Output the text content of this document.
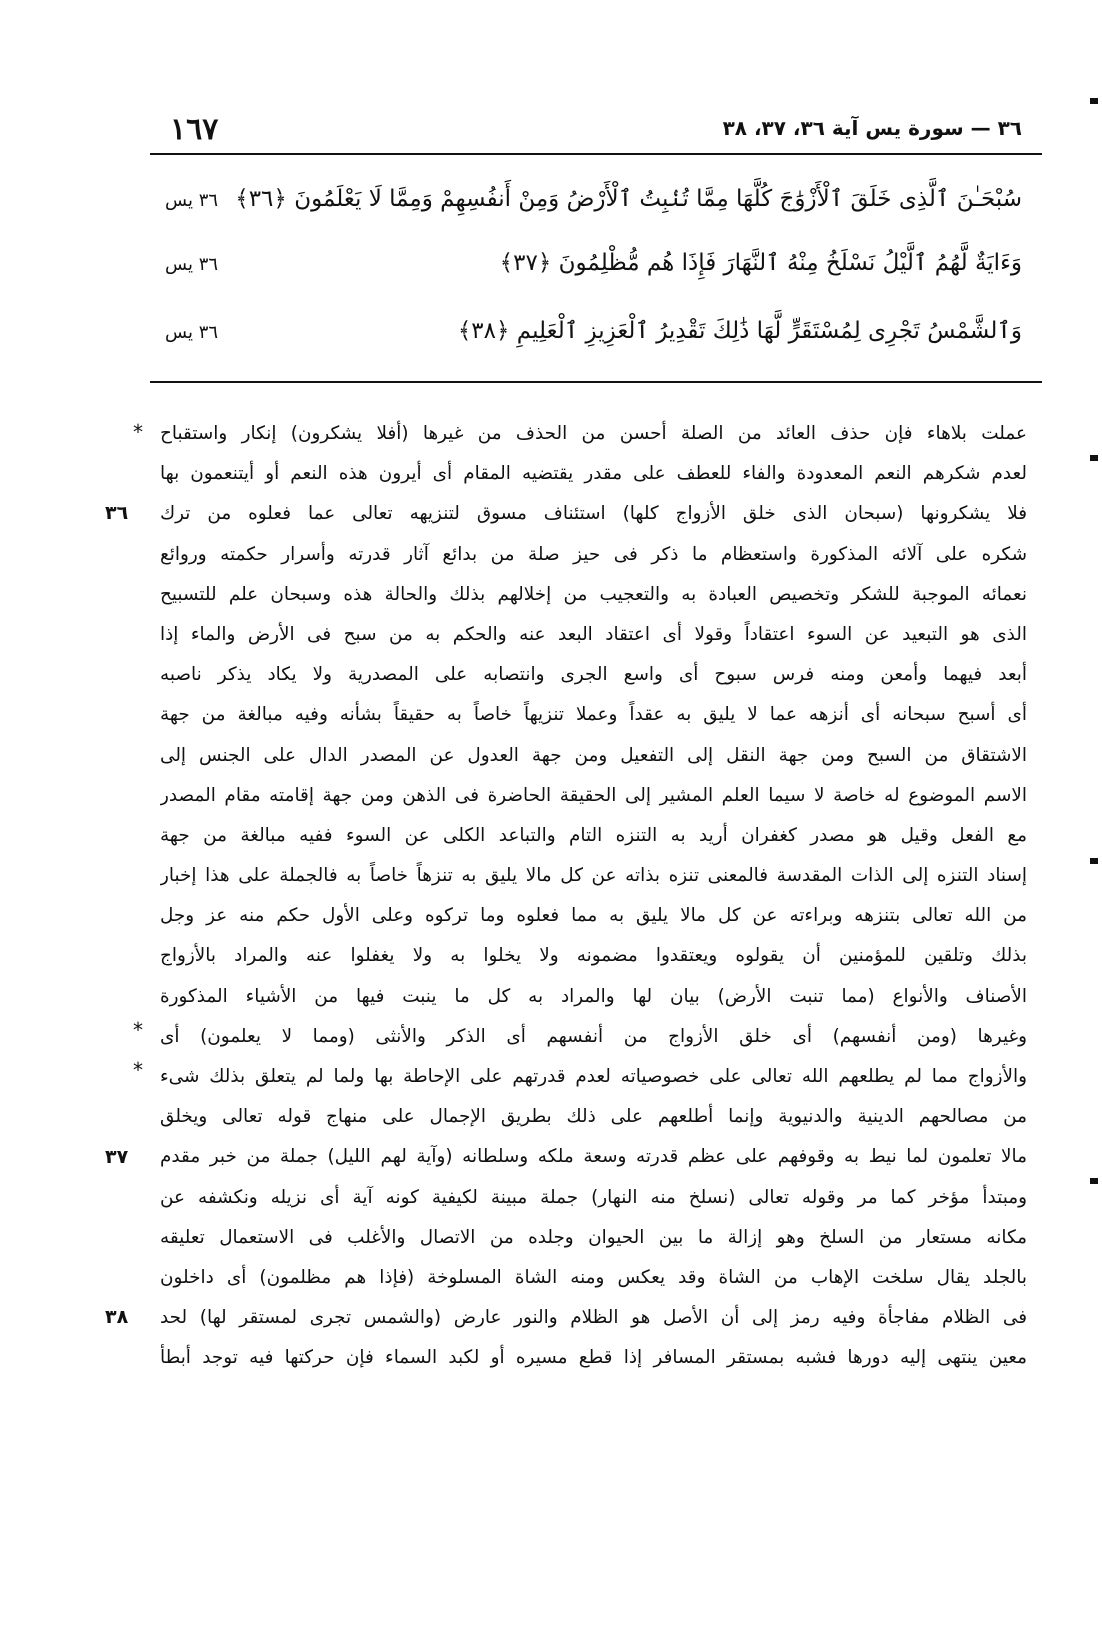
١٦٧	٣٦ — سورة يس آية ٣٦، ٣٧، ٣٨
سُبْحَـٰنَ ٱلَّذِى خَلَقَ ٱلْأَزْوَٰجَ كُلَّهَا مِمَّا تُنۢبِتُ ٱلْأَرْضُ وَمِنْ أَنفُسِهِمْ وَمِمَّا لَا يَعْلَمُونَ ﴿٣٦﴾
٣٦ يس
وَءَايَةٌ لَّهُمُ ٱلَّيْلُ نَسْلَخُ مِنْهُ ٱلنَّهَارَ فَإِذَا هُم مُّظْلِمُونَ ﴿٣٧﴾
٣٦ يس
وَٱلشَّمْسُ تَجْرِى لِمُسْتَقَرٍّ لَّهَا ذَٰلِكَ تَقْدِيرُ ٱلْعَزِيزِ ٱلْعَلِيمِ ﴿٣٨﴾
٣٦ يس
عملت بلاهاء فإن حذف العائد من الصلة أحسن من الحذف من غيرها (أفلا يشكرون) إنكار واستقباح
لعدم شكرهم النعم المعدودة والفاء للعطف على مقدر يقتضيه المقام أى أيرون هذه النعم أو أيتنعمون بها
فلا يشكرونها (سبحان الذى خلق الأزواج كلها) استئناف مسوق لتنزيهه تعالى عما فعلوه من ترك
شكره على آلائه المذكورة واستعظام ما ذكر فى حيز صلة من بدائع آثار قدرته وأسرار حكمته وروائع
نعمائه الموجبة للشكر وتخصيص العبادة به والتعجيب من إخلالهم بذلك والحالة هذه وسبحان علم للتسبيح
الذى هو التبعيد عن السوء اعتقاداً وقولا أى اعتقاد البعد عنه والحكم به من سبح فى الأرض والماء إذا
أبعد فيهما وأمعن ومنه فرس سبوح أى واسع الجرى وانتصابه على المصدرية ولا يكاد يذكر ناصبه
أى أسبح سبحانه أى أنزهه عما لا يليق به عقداً وعملا تنزيهاً خاصاً به حقيقاً بشأنه وفيه مبالغة من جهة
الاشتقاق من السبح ومن جهة النقل إلى التفعيل ومن جهة العدول عن المصدر الدال على الجنس إلى
الاسم الموضوع له خاصة لا سيما العلم المشير إلى الحقيقة الحاضرة فى الذهن ومن جهة إقامته مقام المصدر
مع الفعل وقيل هو مصدر كغفران أريد به التنزه التام والتباعد الكلى عن السوء ففيه مبالغة من جهة
إسناد التنزه إلى الذات المقدسة فالمعنى تنزه بذاته عن كل مالا يليق به تنزهاً خاصاً به فالجملة على هذا إخبار
من الله تعالى بتنزهه وبراءته عن كل مالا يليق به مما فعلوه وما تركوه وعلى الأول حكم منه عز وجل
بذلك وتلقين للمؤمنين أن يقولوه ويعتقدوا مضمونه ولا يخلوا به ولا يغفلوا عنه والمراد بالأزواج
الأصناف والأنواع (مما تنبت الأرض) بيان لها والمراد به كل ما ينبت فيها من الأشياء المذكورة
وغيرها (ومن أنفسهم) أى خلق الأزواج من أنفسهم أى الذكر والأنثى (ومما لا يعلمون) أى
والأزواج مما لم يطلعهم الله تعالى على خصوصياته لعدم قدرتهم على الإحاطة بها ولما لم يتعلق بذلك شىء
من مصالحهم الدينية والدنيوية وإنما أطلعهم على ذلك بطريق الإجمال على منهاج قوله تعالى ويخلق
مالا تعلمون لما نيط به وقوفهم على عظم قدرته وسعة ملكه وسلطانه (وآية لهم الليل) جملة من خبر مقدم
ومبتدأ مؤخر كما مر وقوله تعالى (نسلخ منه النهار) جملة مبينة لكيفية كونه آية أى نزيله ونكشفه عن
مكانه مستعار من السلخ وهو إزالة ما بين الحيوان وجلده من الاتصال والأغلب فى الاستعمال تعليقه
بالجلد يقال سلخت الإهاب من الشاة وقد يعكس ومنه الشاة المسلوخة (فإذا هم مظلمون) أى داخلون
فى الظلام مفاجأة وفيه رمز إلى أن الأصل هو الظلام والنور عارض (والشمس تجرى لمستقر لها) لحد
معين ينتهى إليه دورها فشبه بمستقر المسافر إذا قطع مسيره أو لكبد السماء فإن حركتها فيه توجد أبطأ
*
*
*
٣٦
٣٧
٣٨
